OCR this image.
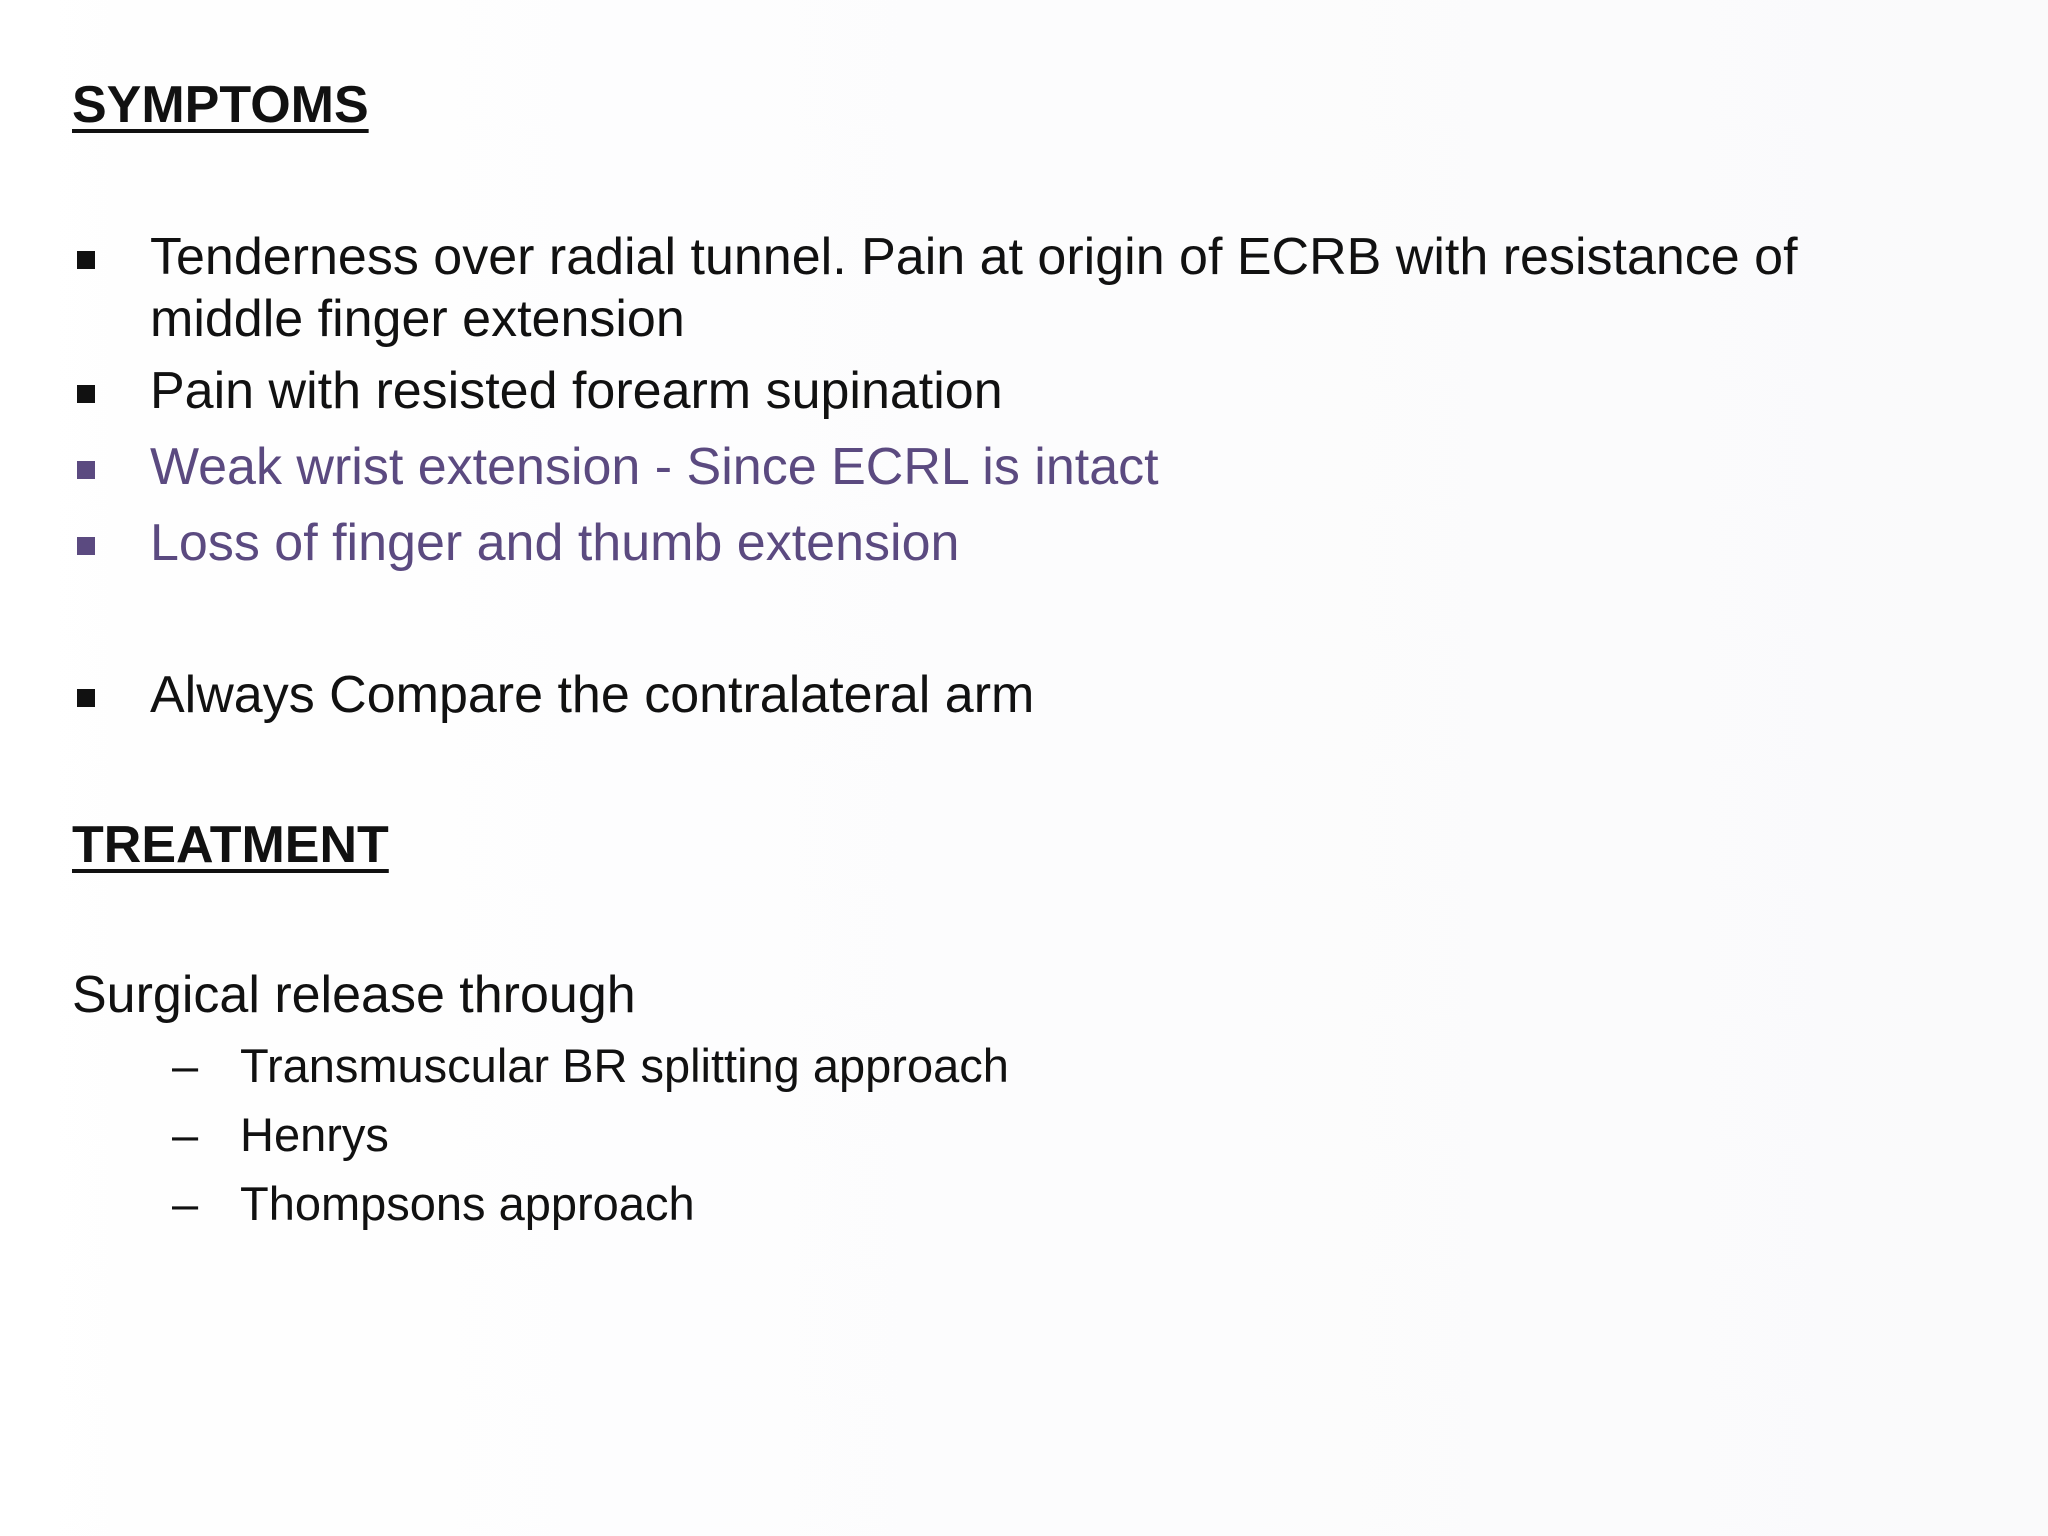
SYMPTOMS
Tenderness over radial tunnel. Pain at origin of ECRB with resistance of middle finger extension
Pain with resisted forearm supination
Weak wrist extension - Since ECRL is intact
Loss of finger and thumb extension
Always Compare the contralateral arm
TREATMENT

Surgical release through

– Transmuscular BR splitting approach
– Henrys
– Thompsons approach
